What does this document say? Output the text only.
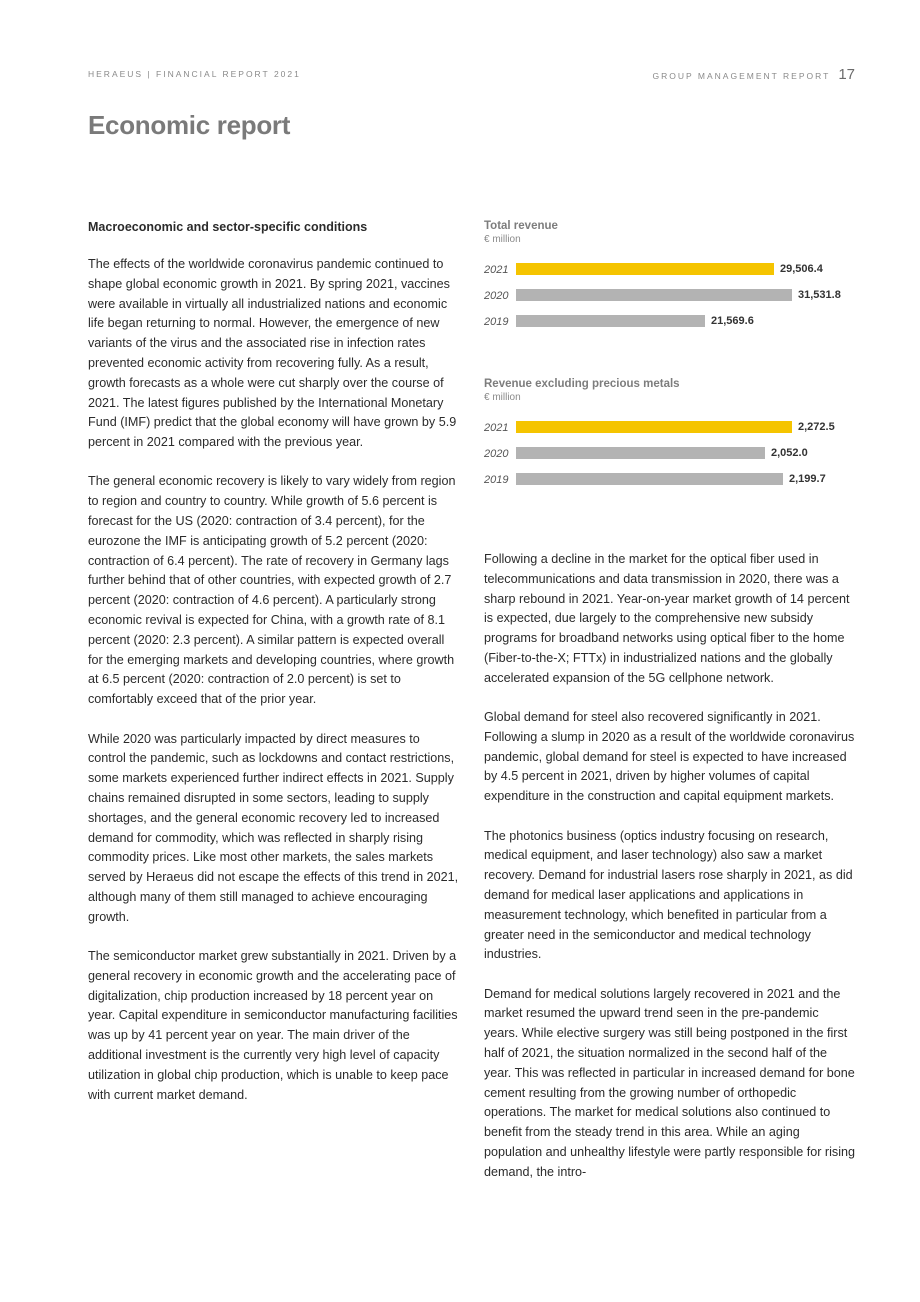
HERAEUS | FINANCIAL REPORT 2021	GROUP MANAGEMENT REPORT 17
Economic report
Macroeconomic and sector-specific conditions

The effects of the worldwide coronavirus pandemic continued to shape global economic growth in 2021. By spring 2021, vaccines were available in virtually all industrialized nations and economic life began returning to normal. However, the emergence of new variants of the virus and the associated rise in infection rates prevented economic activity from recovering fully. As a result, growth forecasts as a whole were cut sharply over the course of 2021. The latest figures published by the International Monetary Fund (IMF) predict that the global economy will have grown by 5.9 percent in 2021 compared with the previous year.

The general economic recovery is likely to vary widely from region to region and country to country. While growth of 5.6 percent is forecast for the US (2020: contraction of 3.4 percent), for the eurozone the IMF is anticipating growth of 5.2 percent (2020: contraction of 6.4 percent). The rate of recovery in Germany lags further behind that of other countries, with expected growth of 2.7 percent (2020: contraction of 4.6 percent). A particularly strong economic revival is expected for China, with a growth rate of 8.1 percent (2020: 2.3 percent). A similar pattern is expected overall for the emerging markets and developing countries, where growth at 6.5 percent (2020: contraction of 2.0 percent) is set to comfortably exceed that of the prior year.

While 2020 was particularly impacted by direct measures to control the pandemic, such as lockdowns and contact restrictions, some markets experienced further indirect effects in 2021. Supply chains remained disrupted in some sectors, leading to supply shortages, and the general economic recovery led to increased demand for commodity, which was reflected in sharply rising commodity prices. Like most other markets, the sales markets served by Heraeus did not escape the effects of this trend in 2021, although many of them still managed to achieve encouraging growth.

The semiconductor market grew substantially in 2021. Driven by a general recovery in economic growth and the accelerating pace of digitalization, chip production increased by 18 percent year on year. Capital expenditure in semiconductor manufacturing facilities was up by 41 percent year on year. The main driver of the additional investment is the currently very high level of capacity utilization in global chip production, which is unable to keep pace with current market demand.

Total revenue
€ million
2021	29,506.4
2020	31,531.8
2019	21,569.6
Revenue excluding precious metals
€ million
2021	2,272.5
2020	2,052.0
2019	2,199.7

Following a decline in the market for the optical fiber used in telecommunications and data transmission in 2020, there was a sharp rebound in 2021. Year-on-year market growth of 14 percent is expected, due largely to the comprehensive new subsidy programs for broadband networks using optical fiber to the home (Fiber-to-the-X; FTTx) in industrialized nations and the globally accelerated expansion of the 5G cellphone network.

Global demand for steel also recovered significantly in 2021. Following a slump in 2020 as a result of the worldwide coronavirus pandemic, global demand for steel is expected to have increased by 4.5 percent in 2021, driven by higher volumes of capital expenditure in the construction and capital equipment markets.

The photonics business (optics industry focusing on research, medical equipment, and laser technology) also saw a market recovery. Demand for industrial lasers rose sharply in 2021, as did demand for medical laser applications and applications in measurement technology, which benefited in particular from a greater need in the semiconductor and medical technology industries.

Demand for medical solutions largely recovered in 2021 and the market resumed the upward trend seen in the pre-pandemic years. While elective surgery was still being postponed in the first half of 2021, the situation normalized in the second half of the year. This was reflected in particular in increased demand for bone cement resulting from the growing number of orthopedic operations. The market for medical solutions also continued to benefit from the steady trend in this area. While an aging population and unhealthy lifestyle were partly responsible for rising demand, the intro-
